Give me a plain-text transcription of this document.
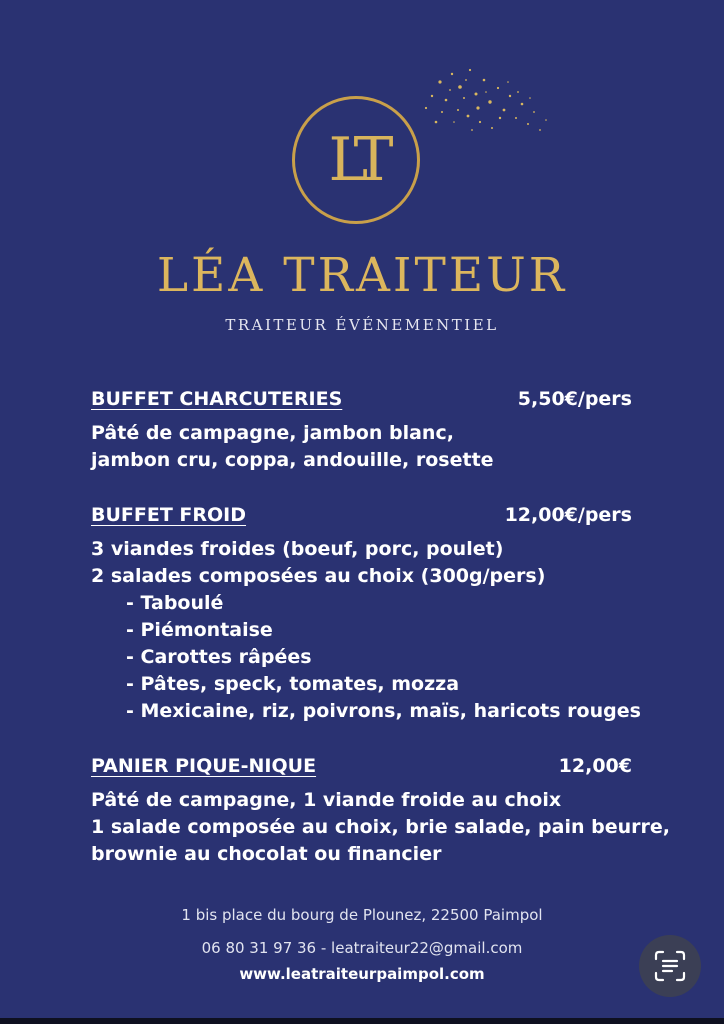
LT
LÉA TRAITEUR
TRAITEUR ÉVÉNEMENTIEL
BUFFET CHARCUTERIES	5,50€/pers
Pâté de campagne, jambon blanc,
jambon cru, coppa, andouille, rosette
BUFFET FROID	12,00€/pers
3 viandes froides (boeuf, porc, poulet)
2 salades composées au choix (300g/pers)
- Taboulé
- Piémontaise
- Carottes râpées
- Pâtes, speck, tomates, mozza
- Mexicaine, riz, poivrons, maïs, haricots rouges
PANIER PIQUE-NIQUE	12,00€
Pâté de campagne, 1 viande froide au choix
1 salade composée au choix, brie salade, pain beurre,
brownie au chocolat ou financier
1 bis place du bourg de Plounez, 22500 Paimpol
06 80 31 97 36 - leatraiteur22@gmail.com
www.leatraiteurpaimpol.com
